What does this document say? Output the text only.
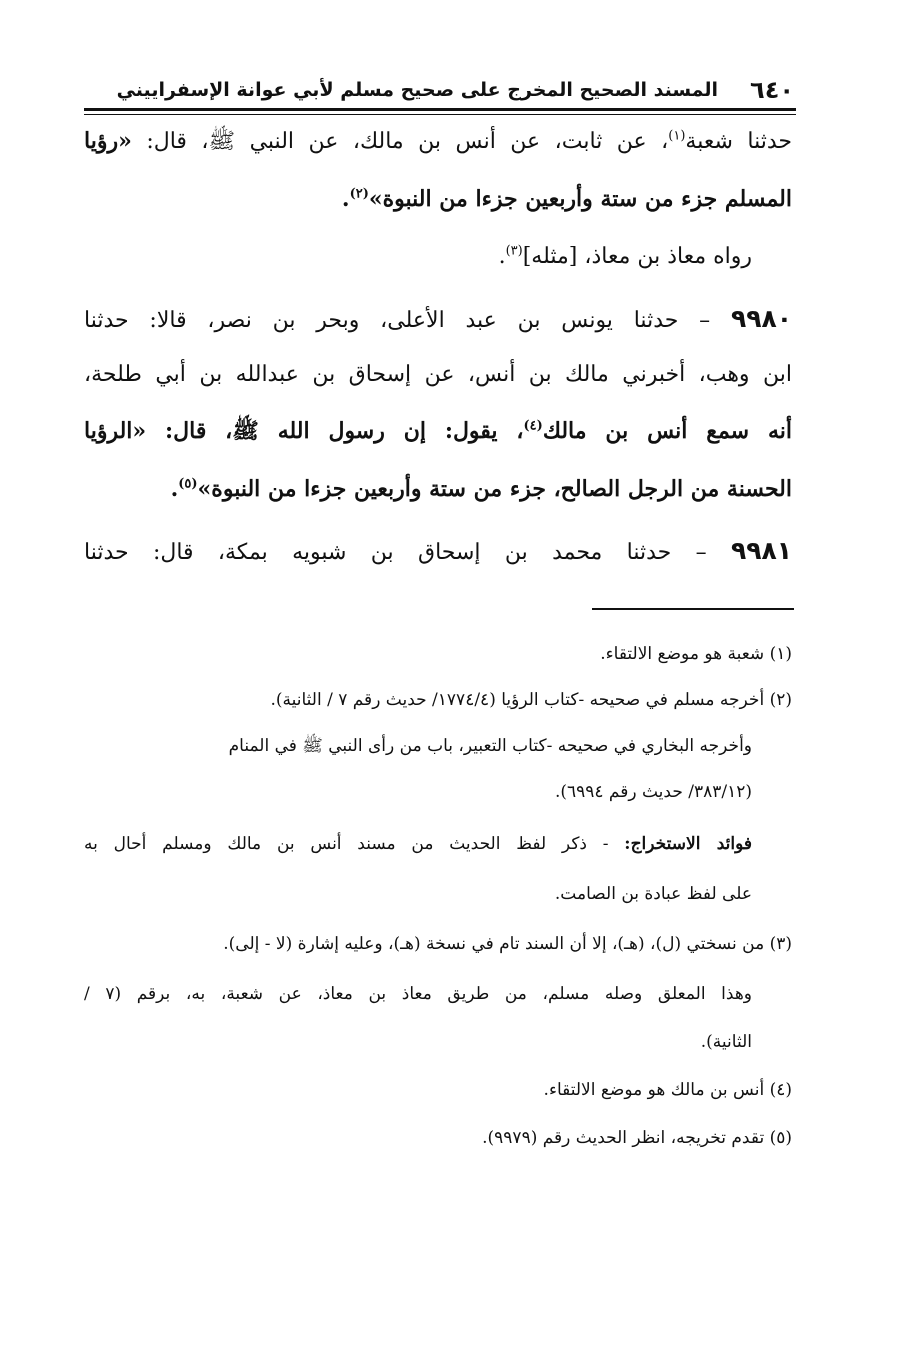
٦٤٠
المسند الصحيح المخرج على صحيح مسلم لأبي عوانة الإسفراييني
حدثنا شعبة$^{(١)}$، عن ثابت، عن أنس بن مالك، عن النبي ﷺ، قال: «رؤيا
المسلم جزء من ستة وأربعين جزءا من النبوة»$^{(٢)}$.
رواه معاذ بن معاذ، [مثله]$^{(٣)}$.
٩٩٨٠ – حدثنا يونس بن عبد الأعلى، وبحر بن نصر، قالا: حدثنا
ابن وهب، أخبرني مالك بن أنس، عن إسحاق بن عبدالله بن أبي طلحة،
أنه سمع أنس بن مالك$^{(٤)}$، يقول: إن رسول الله ﷺ، قال: «الرؤيا
الحسنة من الرجل الصالح، جزء من ستة وأربعين جزءا من النبوة»$^{(٥)}$.
٩٩٨١ – حدثنا محمد بن إسحاق بن شبويه بمكة، قال: حدثنا
(١) شعبة هو موضع الالتقاء.
(٢) أخرجه مسلم في صحيحه -كتاب الرؤيا (١٧٧٤/٤/ حديث رقم ٧ / الثانية).
وأخرجه البخاري في صحيحه -كتاب التعبير، باب من رأى النبي ﷺ في المنام
(٣٨٣/١٢/ حديث رقم ٦٩٩٤).
فوائد الاستخراج: - ذكر لفظ الحديث من مسند أنس بن مالك ومسلم أحال به
على لفظ عبادة بن الصامت.
(٣) من نسختي (ل)، (هـ)، إلا أن السند تام في نسخة (هـ)، وعليه إشارة (لا - إلى).
وهذا المعلق وصله مسلم، من طريق معاذ بن معاذ، عن شعبة، به، برقم (٧ /
الثانية).
(٤) أنس بن مالك هو موضع الالتقاء.
(٥) تقدم تخريجه، انظر الحديث رقم (٩٩٧٩).
